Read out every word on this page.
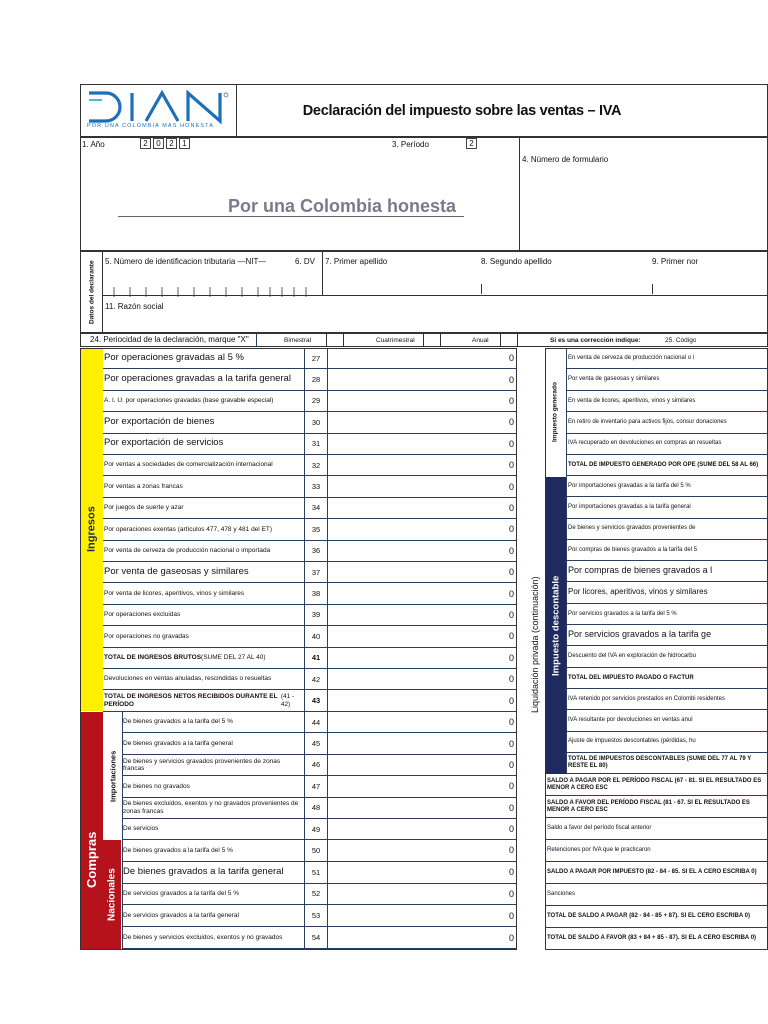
POR UNA COLOMBIA MÁS HONESTA
Declaración del impuesto sobre las ventas – IVA
1. Año	2	0	2	1	3. Período	2
4. Número de formulario
Por una Colombia honesta
Datos del declarante	5. Número de identificacion tributaria —NIT—	6. DV 7. Primer apellido	8. Segundo apellido	9. Primer nor
11. Razón social
24. Periocidad de la declaración, marque "X"	Bimestral	Cuatrimestral	Anual	Si es una corrección indique:	25. Código
Ingresos
Compras
Nacionales
Importaciones
Por operaciones gravadas al 5 %	27	0
Por operaciones gravadas a la tarifa general	28	0
A. I. U. por operaciones gravadas (base gravable especial)	29	0
Por exportación de bienes	30	0
Por exportación de servicios	31	0
Por ventas a sociedades de comercialización internacional	32	0
Por ventas a zonas francas	33	0
Por juegos de suerte y azar	34	0
Por operaciones exentas (artículos 477, 478 y 481 del ET)	35	0
Por venta de cerveza de producción nacional o importada	36	0
Por venta de gaseosas y similares	37	0
Por venta de licores, aperitivos, vinos y similares	38	0
Por operaciones excluidas	39	0
Por operaciones no gravadas	40	0
TOTAL DE INGRESOS BRUTOS (SUME DEL 27 AL 40)	41	0
Devoluciones en ventas anuladas, rescindidas o resueltas	42	0
TOTAL DE INGRESOS NETOS RECIBIDOS DURANTE EL PERÍODO
(41 - 42)	43	0
De bienes gravados a la tarifa del 5 %	44	0
De bienes gravados a la tarifa general	45	0
De bienes y servicios gravados provenientes de zonas francas	46	0
De bienes no gravados	47	0
De bienes excluidos, exentos y no gravados provenientes de zonas francas	48	0
De servicios	49	0
De bienes gravados a la tarifa del 5 %	50	0
De bienes gravados a la tarifa general	51	0
De servicios gravados a la tarifa del 5 %	52	0
De servicios gravados a la tarifa general	53	0
De bienes y servicios excluidos, exentos y no gravados	54	0
Liquidación privada (continuación)
Impuesto generado
Impuesto descontable
En venta de cerveza de producción nacional o i
Por venta de gaseosas y similares
En venta de licores, aperitivos, vinos y similares
En retiro de inventario para activos fijos, consur donaciones
IVA recuperado en devoluciones en compras an resueltas
TOTAL DE IMPUESTO GENERADO POR OPE (SUME DEL 58 AL 66)
Por importaciones gravadas a la tarifa del 5 %
Por importaciones gravadas a la tarifa general
De bienes y servicios gravados provenientes de
Por compras de bienes gravados a la tarifa del 5
Por compras de bienes gravados a l
Por licores, aperitivos, vinos y similares
Por servicios gravados a la tarifa del 5 %
Por servicios gravados a la tarifa ge
Descuento del IVA en exploración de hidrocarbu
TOTAL DEL IMPUESTO PAGADO O FACTUR
IVA retenido por servicios prestados en Colombi residentes
IVA resultante por devoluciones en ventas anul
Ajuste de impuestos descontables (pérdidas, hu
TOTAL DE IMPUESTOS DESCONTABLES (SUME DEL 77 AL 79 Y RESTE EL 80)
SALDO A PAGAR POR EL PERÍODO FISCAL (67 - 81. SI EL RESULTADO ES MENOR A CERO ESC
SALDO A FAVOR DEL PERÍODO FISCAL (81 - 67. SI EL RESULTADO ES MENOR A CERO ESC
Saldo a favor del período fiscal anterior
Retenciones por IVA que le practicaron
SALDO A PAGAR POR IMPUESTO (82 - 84 - 85. SI EL A CERO ESCRIBA 0)
Sanciones
TOTAL DE SALDO A PAGAR (82 - 84 - 85 + 87). SI EL CERO ESCRIBA 0)
TOTAL DE SALDO A FAVOR (83 + 84 + 85 - 87). SI EL A CERO ESCRIBA 0)
